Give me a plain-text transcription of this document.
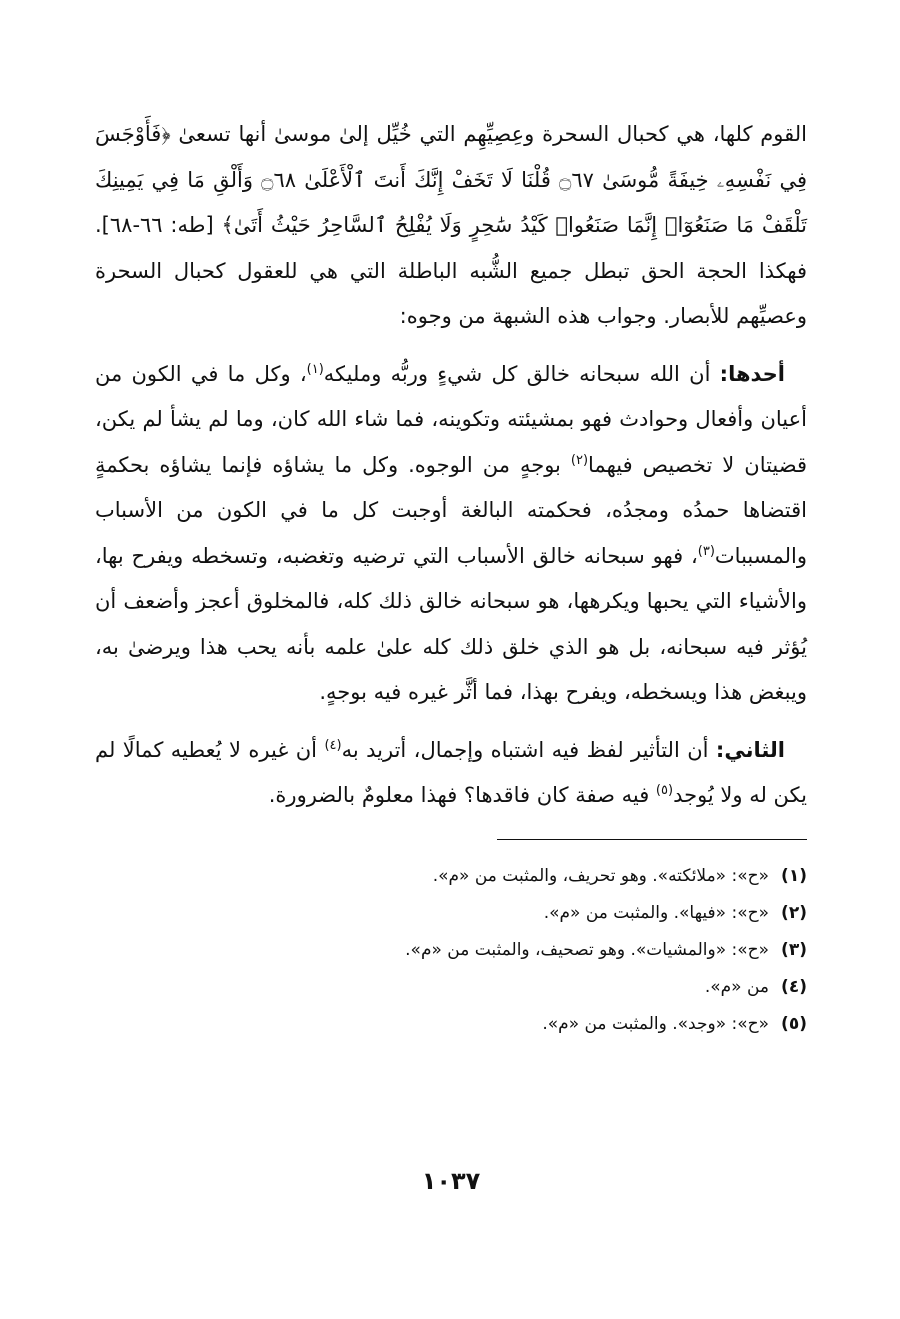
القوم كلها، هي كحبال السحرة وعِصِيِّهِم التي خُيِّل إلىٰ موسىٰ أنها تسعىٰ ﴿فَأَوْجَسَ فِي نَفْسِهِۦ خِيفَةً مُّوسَىٰ ۝٦٧ قُلْنَا لَا تَخَفْ إِنَّكَ أَنتَ ٱلْأَعْلَىٰ ۝٦٨ وَأَلْقِ مَا فِي يَمِينِكَ تَلْقَفْ مَا صَنَعُوٓا۟ إِنَّمَا صَنَعُوا۟ كَيْدُ سَٰحِرٍ وَلَا يُفْلِحُ ٱلسَّاحِرُ حَيْثُ أَتَىٰ﴾ [طه: ٦٦-٦٨]. فهكذا الحجة الحق تبطل جميع الشُّبه الباطلة التي هي للعقول كحبال السحرة وعصيِّهم للأبصار. وجواب هذه الشبهة من وجوه:

أحدها: أن الله سبحانه خالق كل شيءٍ وربُّه ومليكه$^{(١)}$، وكل ما في الكون من أعيان وأفعال وحوادث فهو بمشيئته وتكوينه، فما شاء الله كان، وما لم يشأ لم يكن، قضيتان لا تخصيص فيهما$^{(٢)}$ بوجهٍ من الوجوه. وكل ما يشاؤه فإنما يشاؤه بحكمةٍ اقتضاها حمدُه ومجدُه، فحكمته البالغة أوجبت كل ما في الكون من الأسباب والمسببات$^{(٣)}$، فهو سبحانه خالق الأسباب التي ترضيه وتغضبه، وتسخطه ويفرح بها، والأشياء التي يحبها ويكرهها، هو سبحانه خالق ذلك كله، فالمخلوق أعجز وأضعف أن يُؤثر فيه سبحانه، بل هو الذي خلق ذلك كله علىٰ علمه بأنه يحب هذا ويرضىٰ به، ويبغض هذا ويسخطه، ويفرح بهذا، فما أثَّر غيره فيه بوجهٍ.

الثاني: أن التأثير لفظ فيه اشتباه وإجمال، أتريد به$^{(٤)}$ أن غيره لا يُعطيه كمالًا لم يكن له ولا يُوجد$^{(٥)}$ فيه صفة كان فاقدها؟ فهذا معلومٌ بالضرورة.

(١)«ح»: «ملائكته». وهو تحريف، والمثبت من «م».
(٢)«ح»: «فيها». والمثبت من «م».
(٣)«ح»: «والمشيات». وهو تصحيف، والمثبت من «م».
(٤)من «م».
(٥)«ح»: «وجد». والمثبت من «م».
١٠٣٧
